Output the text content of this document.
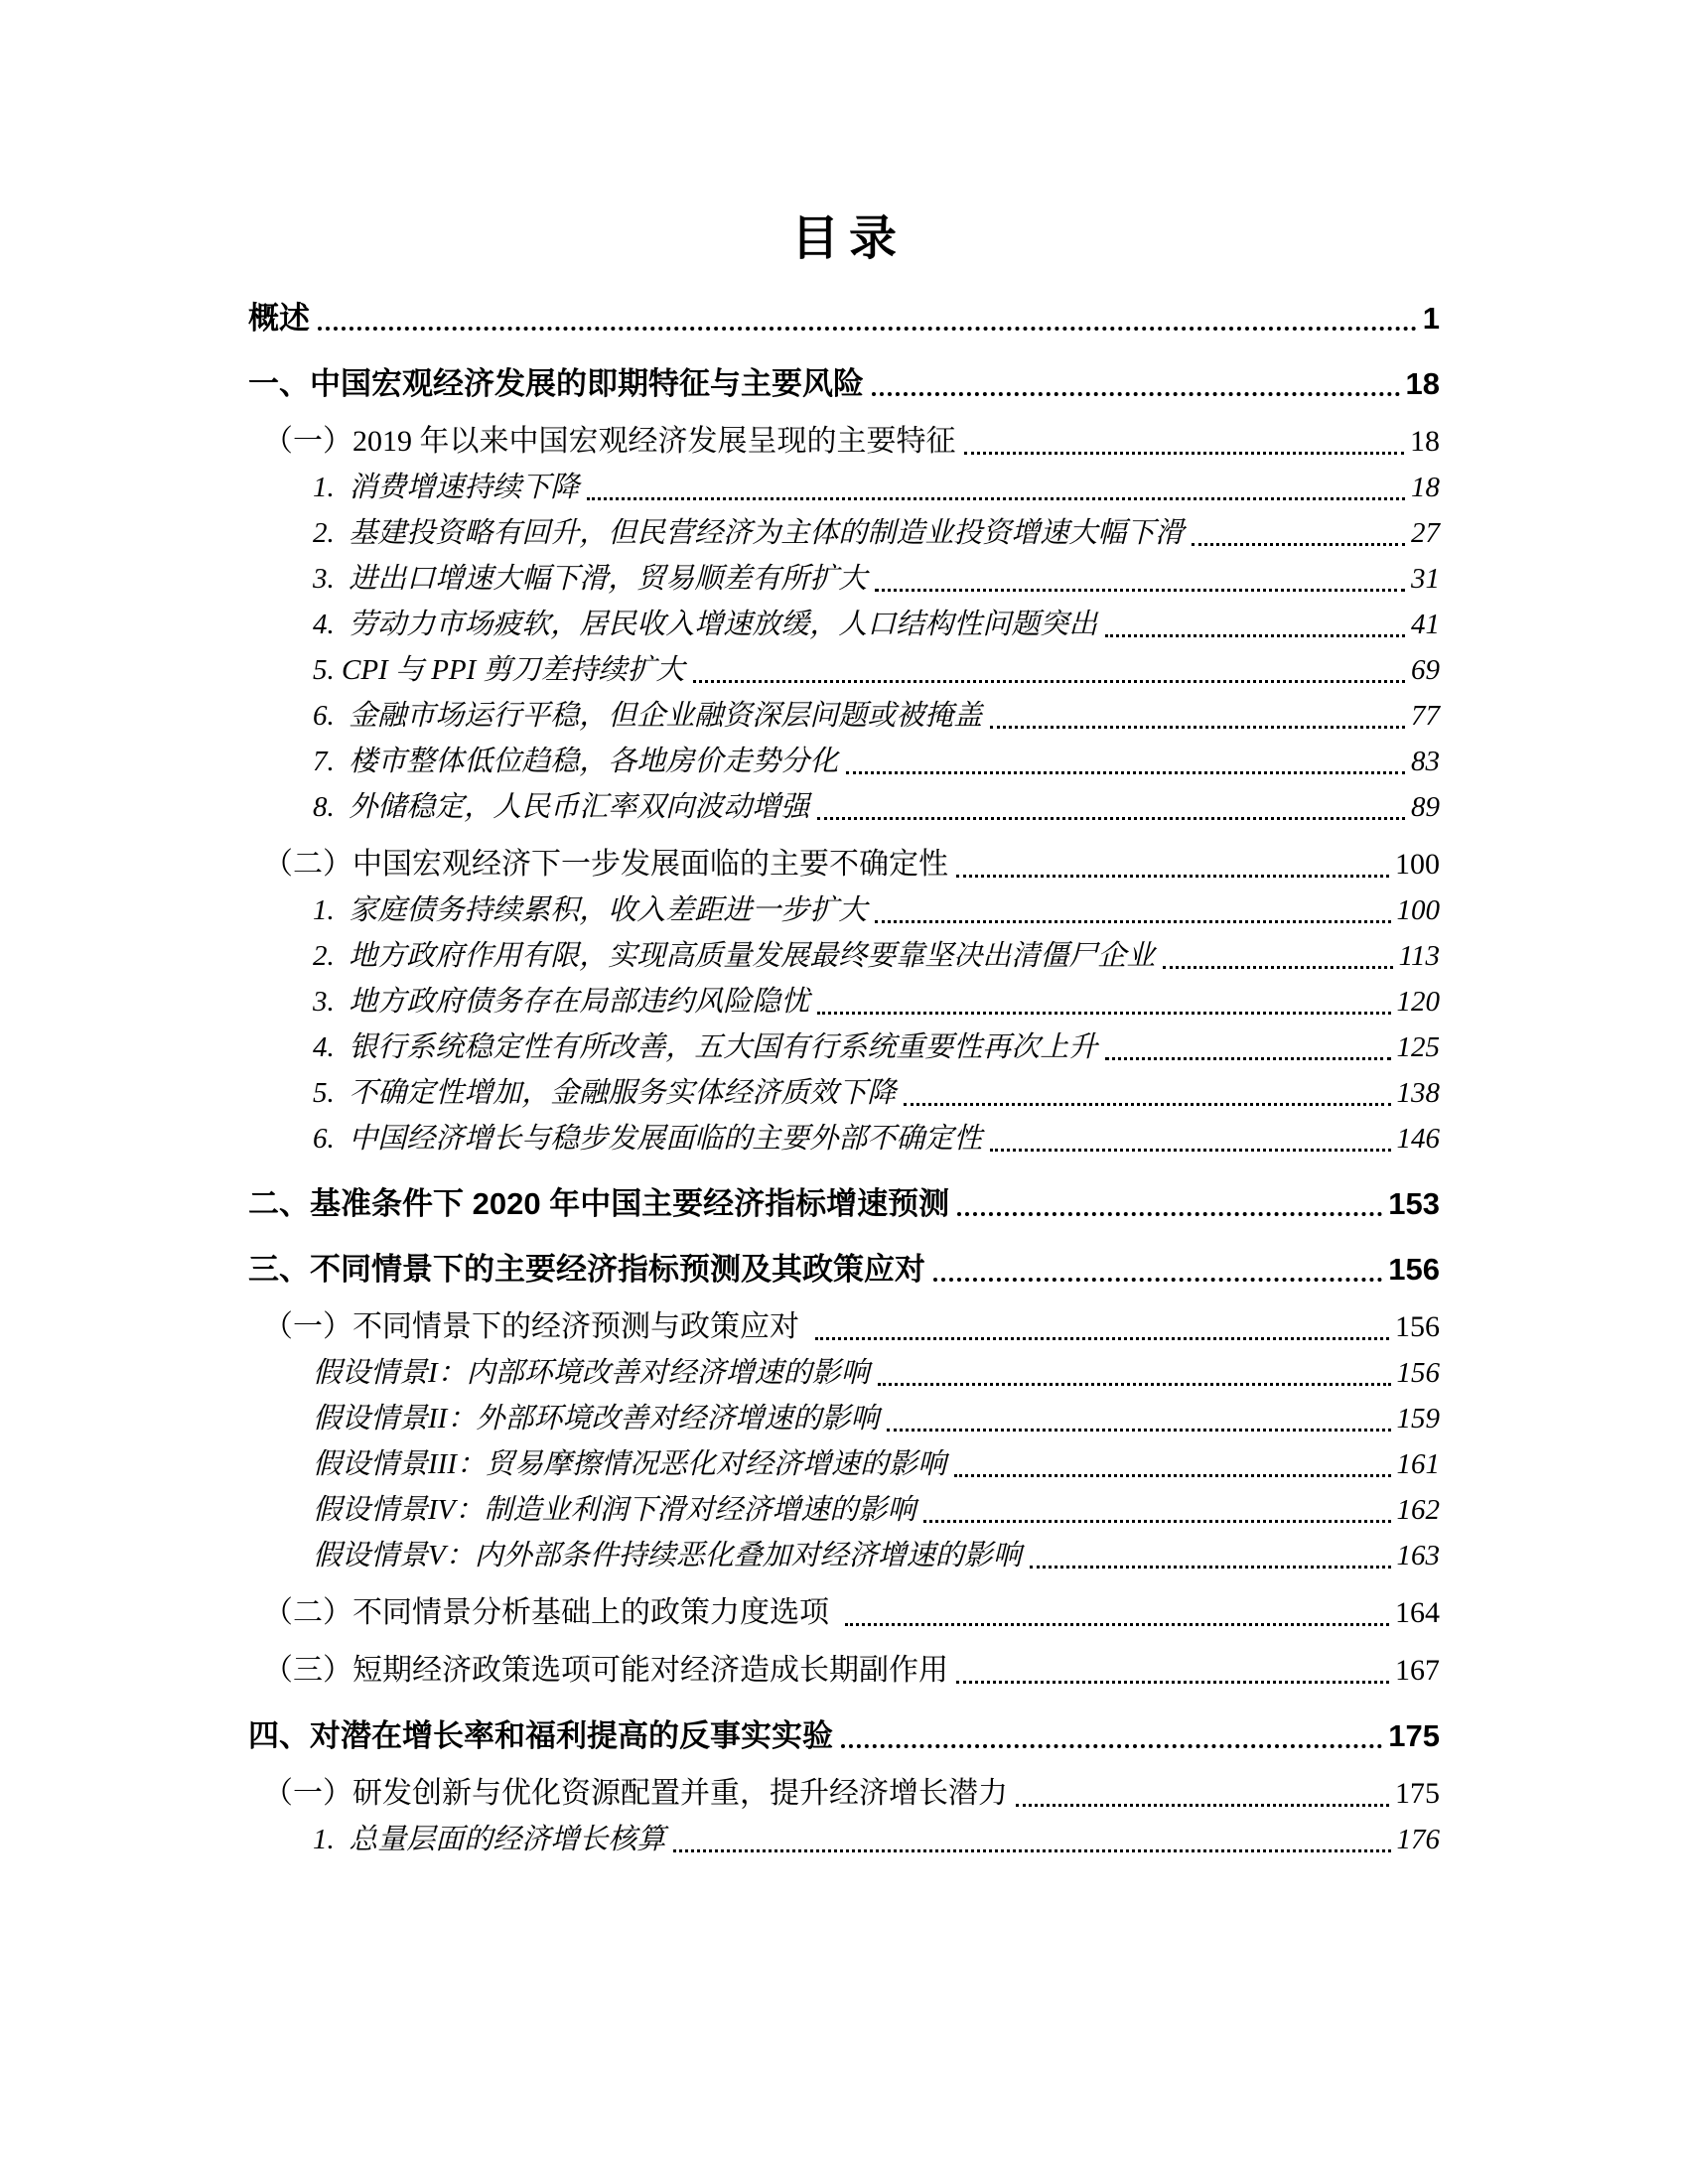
目录
概述	1
一、中国宏观经济发展的即期特征与主要风险	18
（一）2019 年以来中国宏观经济发展呈现的主要特征	18
1.  消费增速持续下降	18
2.  基建投资略有回升，但民营经济为主体的制造业投资增速大幅下滑	27
3.  进出口增速大幅下滑，贸易顺差有所扩大	31
4.  劳动力市场疲软，居民收入增速放缓，人口结构性问题突出	41
5. CPI 与 PPI 剪刀差持续扩大	69
6.  金融市场运行平稳，但企业融资深层问题或被掩盖	77
7.  楼市整体低位趋稳，各地房价走势分化	83
8.  外储稳定，人民币汇率双向波动增强	89
（二）中国宏观经济下一步发展面临的主要不确定性	100
1.  家庭债务持续累积，收入差距进一步扩大	100
2.  地方政府作用有限，实现高质量发展最终要靠坚决出清僵尸企业	113
3.  地方政府债务存在局部违约风险隐忧	120
4.  银行系统稳定性有所改善，五大国有行系统重要性再次上升	125
5.  不确定性增加，金融服务实体经济质效下降	138
6.  中国经济增长与稳步发展面临的主要外部不确定性	146
二、基准条件下 2020 年中国主要经济指标增速预测	153
三、不同情景下的主要经济指标预测及其政策应对	156
（一）不同情景下的经济预测与政策应对	156
假设情景I：内部环境改善对经济增速的影响	156
假设情景II：外部环境改善对经济增速的影响	159
假设情景III：贸易摩擦情况恶化对经济增速的影响	161
假设情景IV：制造业利润下滑对经济增速的影响	162
假设情景V：内外部条件持续恶化叠加对经济增速的影响	163
（二）不同情景分析基础上的政策力度选项	164
（三）短期经济政策选项可能对经济造成长期副作用	167
四、对潜在增长率和福利提高的反事实实验	175
（一）研发创新与优化资源配置并重，提升经济增长潜力	175
1.  总量层面的经济增长核算	176
